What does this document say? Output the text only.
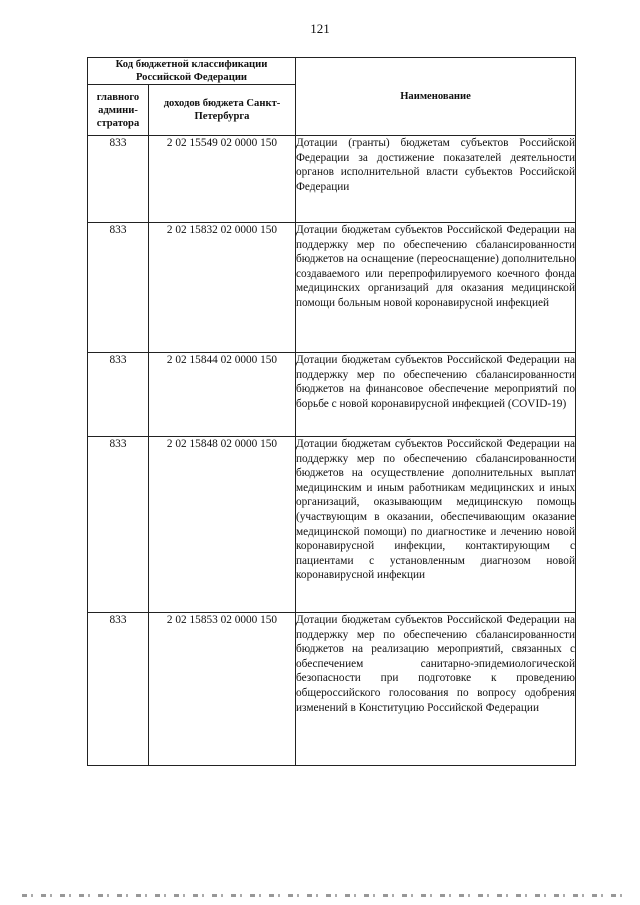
121
Код бюджетной классификации Российской Федерации		Наименование
главного админи-стратора	доходов бюджета Санкт-Петербурга	
833	2 02 15549 02 0000 150	Дотации (гранты) бюджетам субъектов Российской Федерации за достижение показателей деятельности органов исполнительной власти субъектов Российской Федерации
833	2 02 15832 02 0000 150	Дотации бюджетам субъектов Российской Федерации на поддержку мер по обеспечению сбалансированности бюджетов на оснащение (переоснащение) дополнительно создаваемого или перепрофилируемого коечного фонда медицинских организаций для оказания медицинской помощи больным новой коронавирусной инфекцией
833	2 02 15844 02 0000 150	Дотации бюджетам субъектов Российской Федерации на поддержку мер по обеспечению сбалансированности бюджетов на финансовое обеспечение мероприятий по борьбе с новой коронавирусной инфекцией (COVID-19)
833	2 02 15848 02 0000 150	Дотации бюджетам субъектов Российской Федерации на поддержку мер по обеспечению сбалансированности бюджетов на осуществление дополнительных выплат медицинским и иным работникам медицинских и иных организаций, оказывающим медицинскую помощь (участвующим в оказании, обеспечивающим оказание медицинской помощи) по диагностике и лечению новой коронавирусной инфекции, контактирующим с пациентами с установленным диагнозом новой коронавирусной инфекции
833	2 02 15853 02 0000 150	Дотации бюджетам субъектов Российской Федерации на поддержку мер по обеспечению сбалансированности бюджетов на реализацию мероприятий, связанных с обеспечением санитарно-эпидемиологической безопасности при подготовке к проведению общероссийского голосования по вопросу одобрения изменений в Конституцию Российской Федерации
